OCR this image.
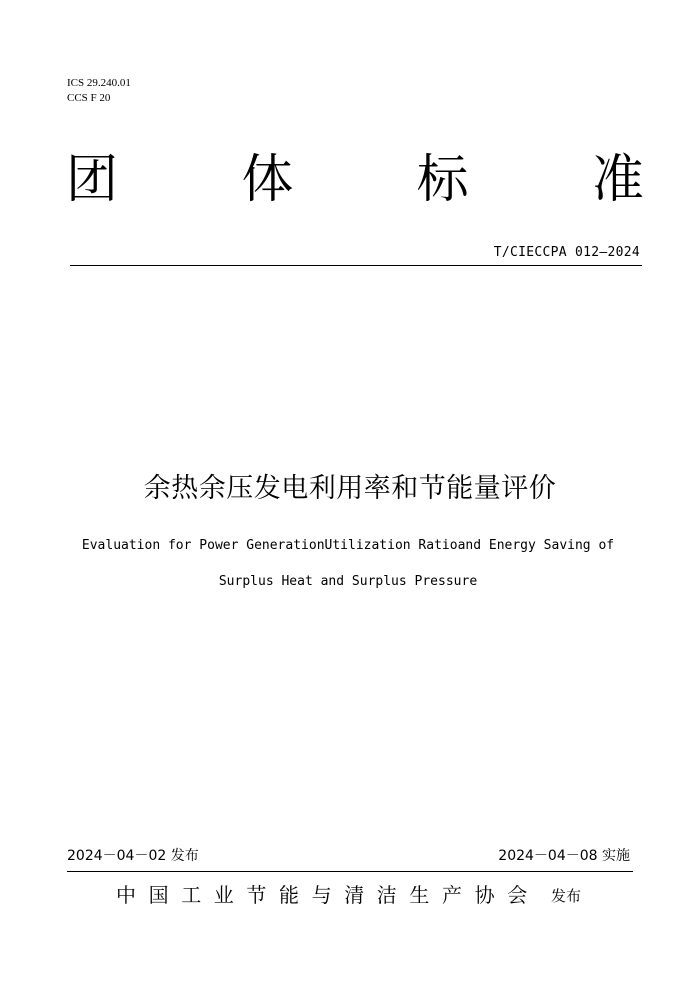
ICS 29.240.01
CCS F 20
团 体 标 准
T/CIECCPA 012—2024
余热余压发电利用率和节能量评价
Evaluation for Power GenerationUtilization Ratioand Energy Saving of
Surplus Heat and Surplus Pressure
2024－04－02 发布	2024－04－08 实施
中国工业节能与清洁生产协会 发布
